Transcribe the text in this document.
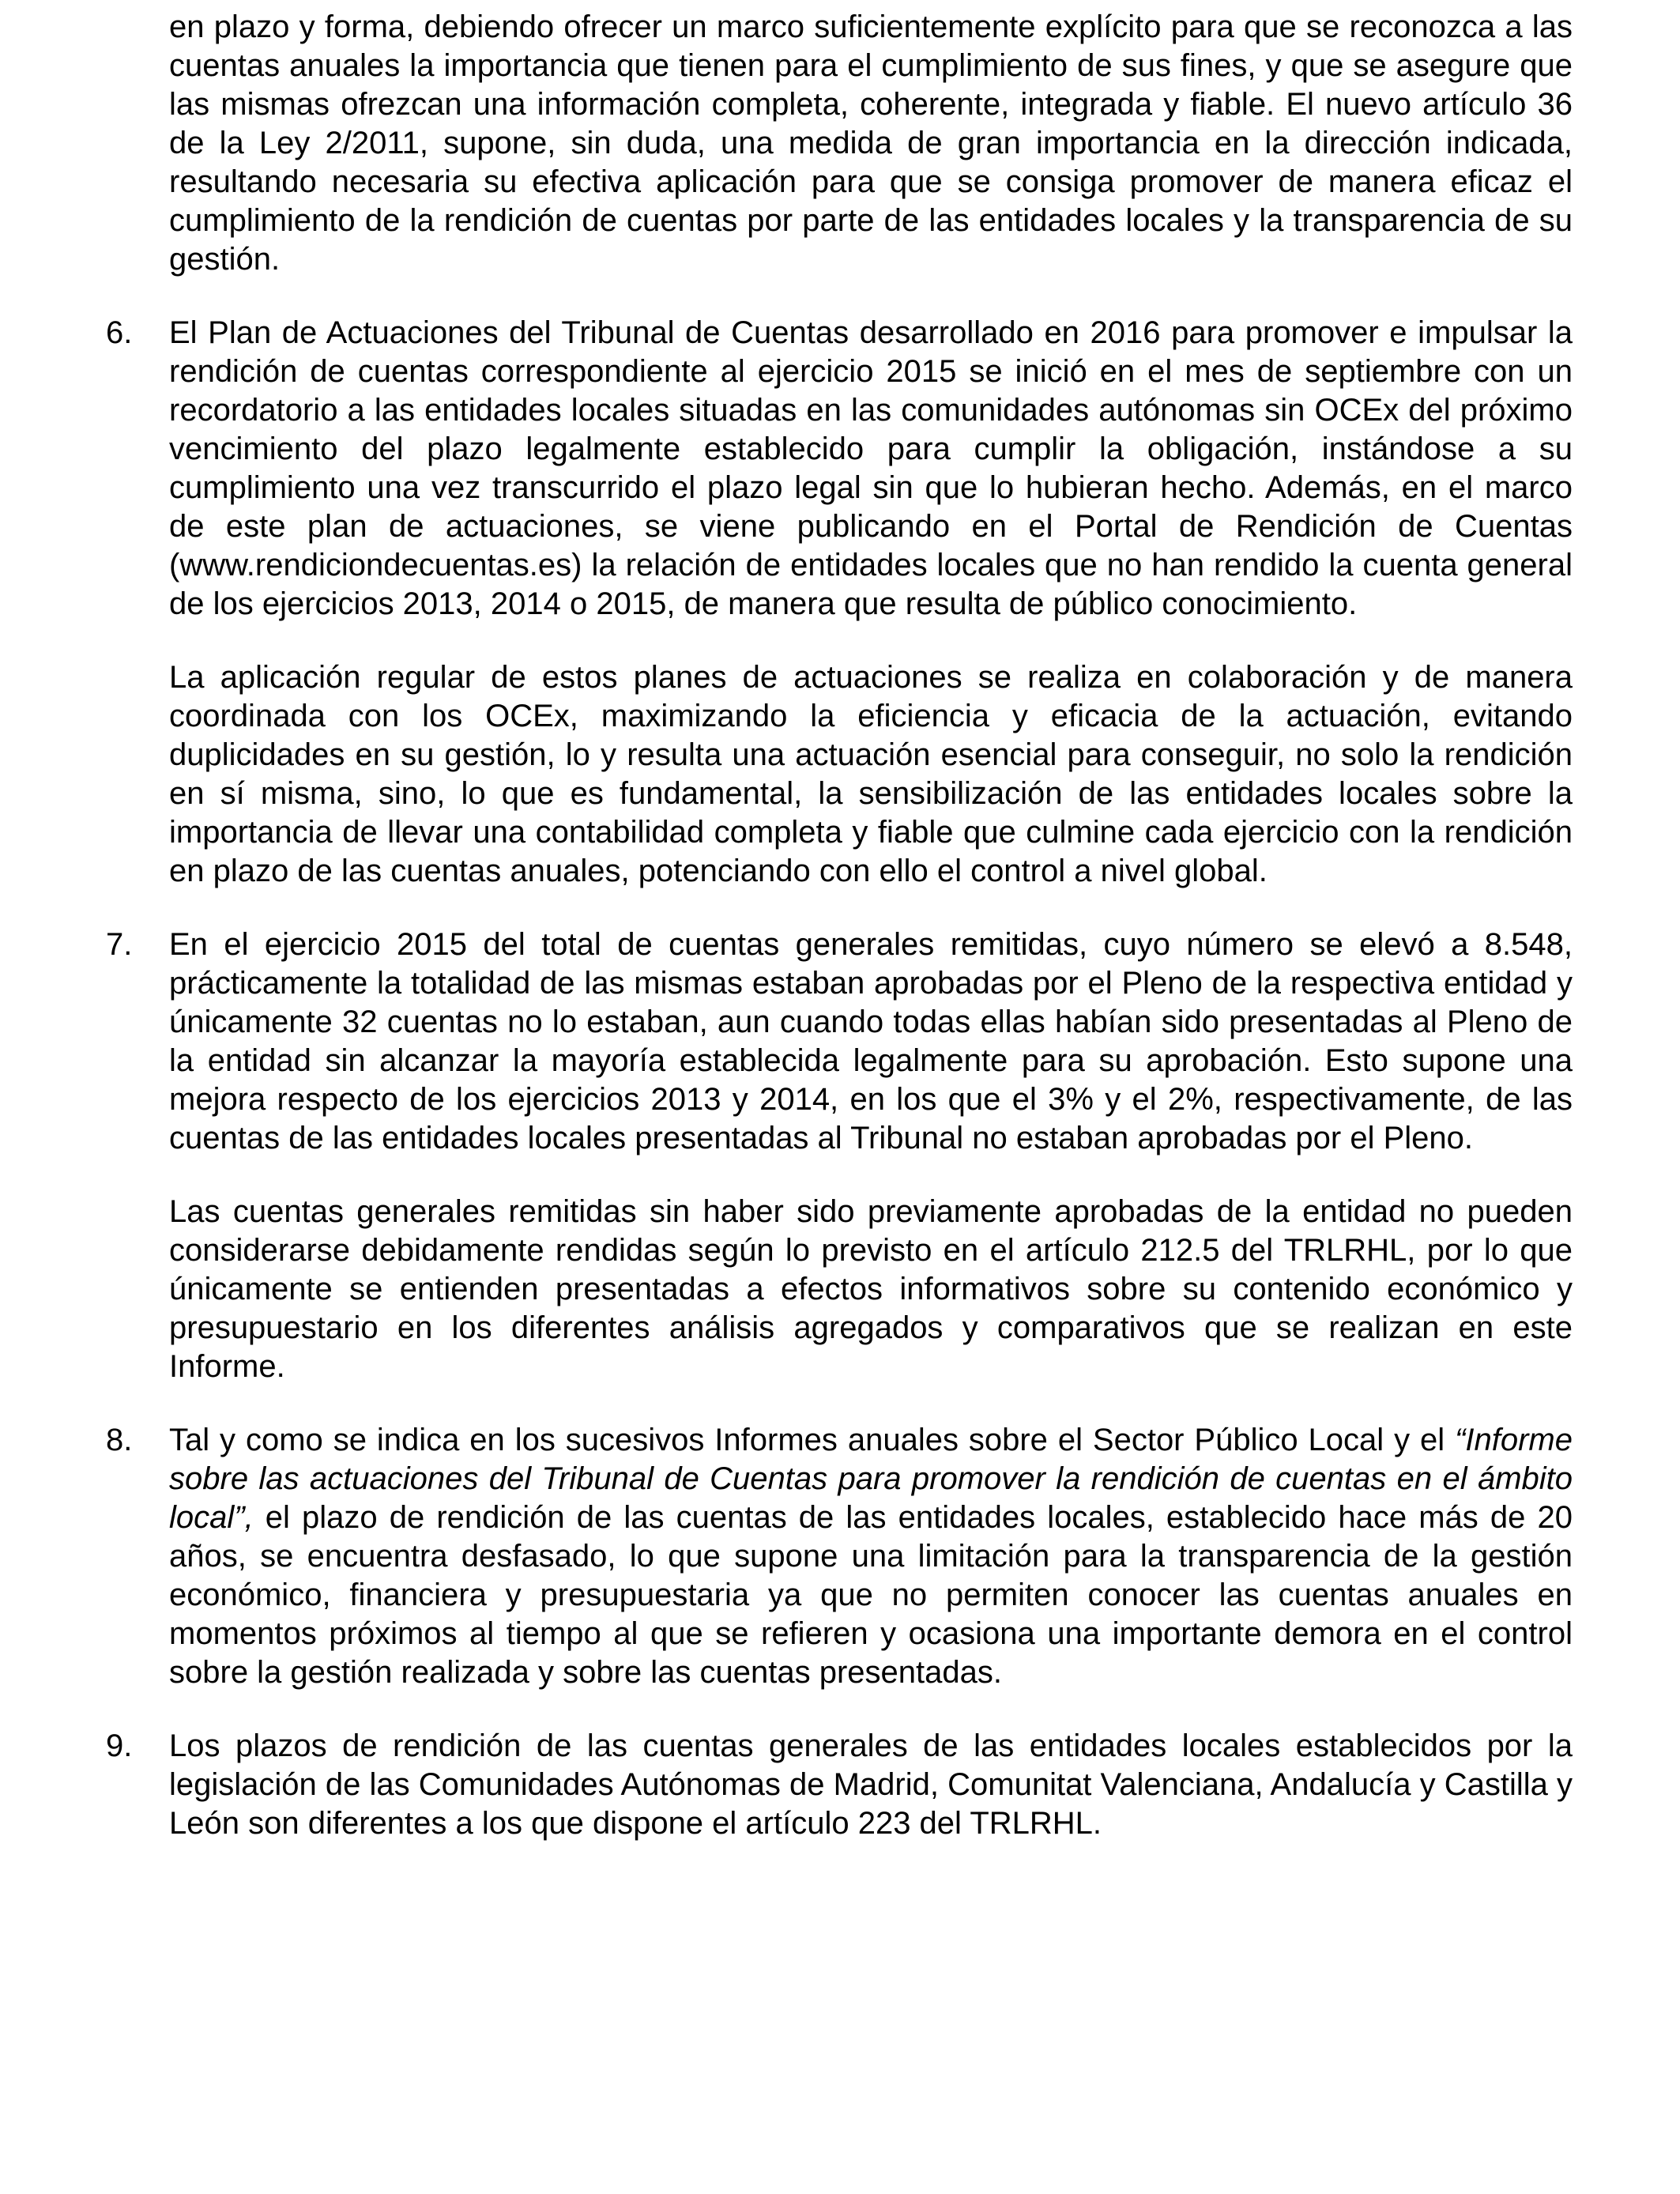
en plazo y forma, debiendo ofrecer un marco suficientemente explícito para que se reconozca a las cuentas anuales la importancia que tienen para el cumplimiento de sus fines, y que se asegure que las mismas ofrezcan una información completa, coherente, integrada y fiable. El nuevo artículo 36 de la Ley 2/2011, supone, sin duda, una medida de gran importancia en la dirección indicada, resultando necesaria su efectiva aplicación para que se consiga promover de manera eficaz el cumplimiento de la rendición de cuentas por parte de las entidades locales y la transparencia de su gestión.

6.	El Plan de Actuaciones del Tribunal de Cuentas desarrollado en 2016 para promover e impulsar la rendición de cuentas correspondiente al ejercicio 2015 se inició en el mes de septiembre con un recordatorio a las entidades locales situadas en las comunidades autónomas sin OCEx del próximo vencimiento del plazo legalmente establecido para cumplir la obligación, instándose a su cumplimiento una vez transcurrido el plazo legal sin que lo hubieran hecho. Además, en el marco de este plan de actuaciones, se viene publicando en el Portal de Rendición de Cuentas (www.rendiciondecuentas.es) la relación de entidades locales que no han rendido la cuenta general de los ejercicios 2013, 2014 o 2015, de manera que resulta de público conocimiento.

La aplicación regular de estos planes de actuaciones se realiza en colaboración y de manera coordinada con los OCEx, maximizando la eficiencia y eficacia de la actuación, evitando duplicidades en su gestión, lo y resulta una actuación esencial para conseguir, no solo la rendición en sí misma, sino, lo que es fundamental, la sensibilización de las entidades locales sobre la importancia de llevar una contabilidad completa y fiable que culmine cada ejercicio con la rendición en plazo de las cuentas anuales, potenciando con ello el control a nivel global.

7.	En el ejercicio 2015 del total de cuentas generales remitidas, cuyo número se elevó a 8.548, prácticamente la totalidad de las mismas estaban aprobadas por el Pleno de la respectiva entidad y únicamente 32 cuentas no lo estaban, aun cuando todas ellas habían sido presentadas al Pleno de la entidad sin alcanzar la mayoría establecida legalmente para su aprobación. Esto supone una mejora respecto de los ejercicios 2013 y 2014, en los que el 3% y el 2%, respectivamente, de las cuentas de las entidades locales presentadas al Tribunal no estaban aprobadas por el Pleno.

Las cuentas generales remitidas sin haber sido previamente aprobadas de la entidad no pueden considerarse debidamente rendidas según lo previsto en el artículo 212.5 del TRLRHL, por lo que únicamente se entienden presentadas a efectos informativos sobre su contenido económico y presupuestario en los diferentes análisis agregados y comparativos que se realizan en este Informe.

8.	Tal y como se indica en los sucesivos Informes anuales sobre el Sector Público Local y el “Informe sobre las actuaciones del Tribunal de Cuentas para promover la rendición de cuentas en el ámbito local”, el plazo de rendición de las cuentas de las entidades locales, establecido hace más de 20 años, se encuentra desfasado, lo que supone una limitación para la transparencia de la gestión económico, financiera y presupuestaria ya que no permiten conocer las cuentas anuales en momentos próximos al tiempo al que se refieren y ocasiona una importante demora en el control sobre la gestión realizada y sobre las cuentas presentadas.

9.	Los plazos de rendición de las cuentas generales de las entidades locales establecidos por la legislación de las Comunidades Autónomas de Madrid, Comunitat Valenciana, Andalucía y Castilla y León son diferentes a los que dispone el artículo 223 del TRLRHL.
